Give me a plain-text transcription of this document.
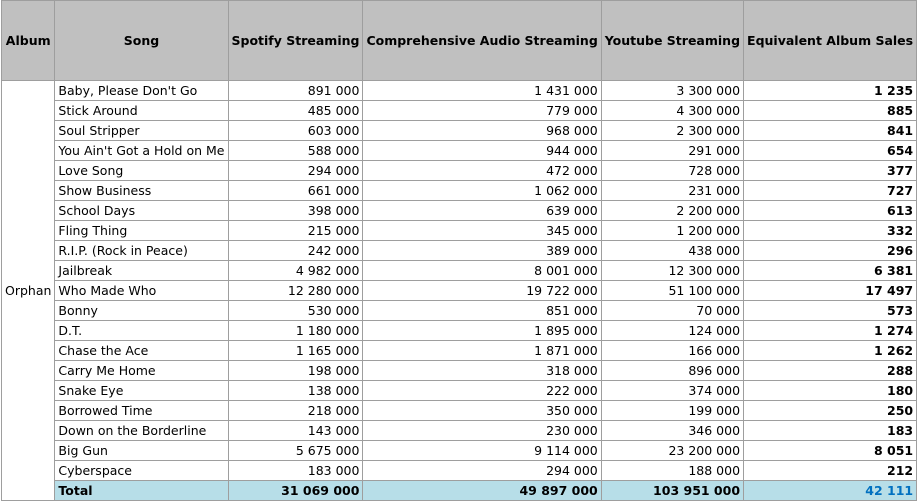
Album	Song	Spotify Streaming	Comprehensive Audio Streaming	Youtube Streaming	Equivalent Album Sales
Orphan	Baby, Please Don't Go	891 000	1 431 000	3 300 000	1 235
	Stick Around	485 000	779 000	4 300 000	885
	Soul Stripper	603 000	968 000	2 300 000	841
	You Ain't Got a Hold on Me	588 000	944 000	291 000	654
	Love Song	294 000	472 000	728 000	377
	Show Business	661 000	1 062 000	231 000	727
	School Days	398 000	639 000	2 200 000	613
	Fling Thing	215 000	345 000	1 200 000	332
	R.I.P. (Rock in Peace)	242 000	389 000	438 000	296
	Jailbreak	4 982 000	8 001 000	12 300 000	6 381
	Who Made Who	12 280 000	19 722 000	51 100 000	17 497
	Bonny	530 000	851 000	70 000	573
	D.T.	1 180 000	1 895 000	124 000	1 274
	Chase the Ace	1 165 000	1 871 000	166 000	1 262
	Carry Me Home	198 000	318 000	896 000	288
	Snake Eye	138 000	222 000	374 000	180
	Borrowed Time	218 000	350 000	199 000	250
	Down on the Borderline	143 000	230 000	346 000	183
	Big Gun	5 675 000	9 114 000	23 200 000	8 051
	Cyberspace	183 000	294 000	188 000	212
	Total	31 069 000	49 897 000	103 951 000	42 111
